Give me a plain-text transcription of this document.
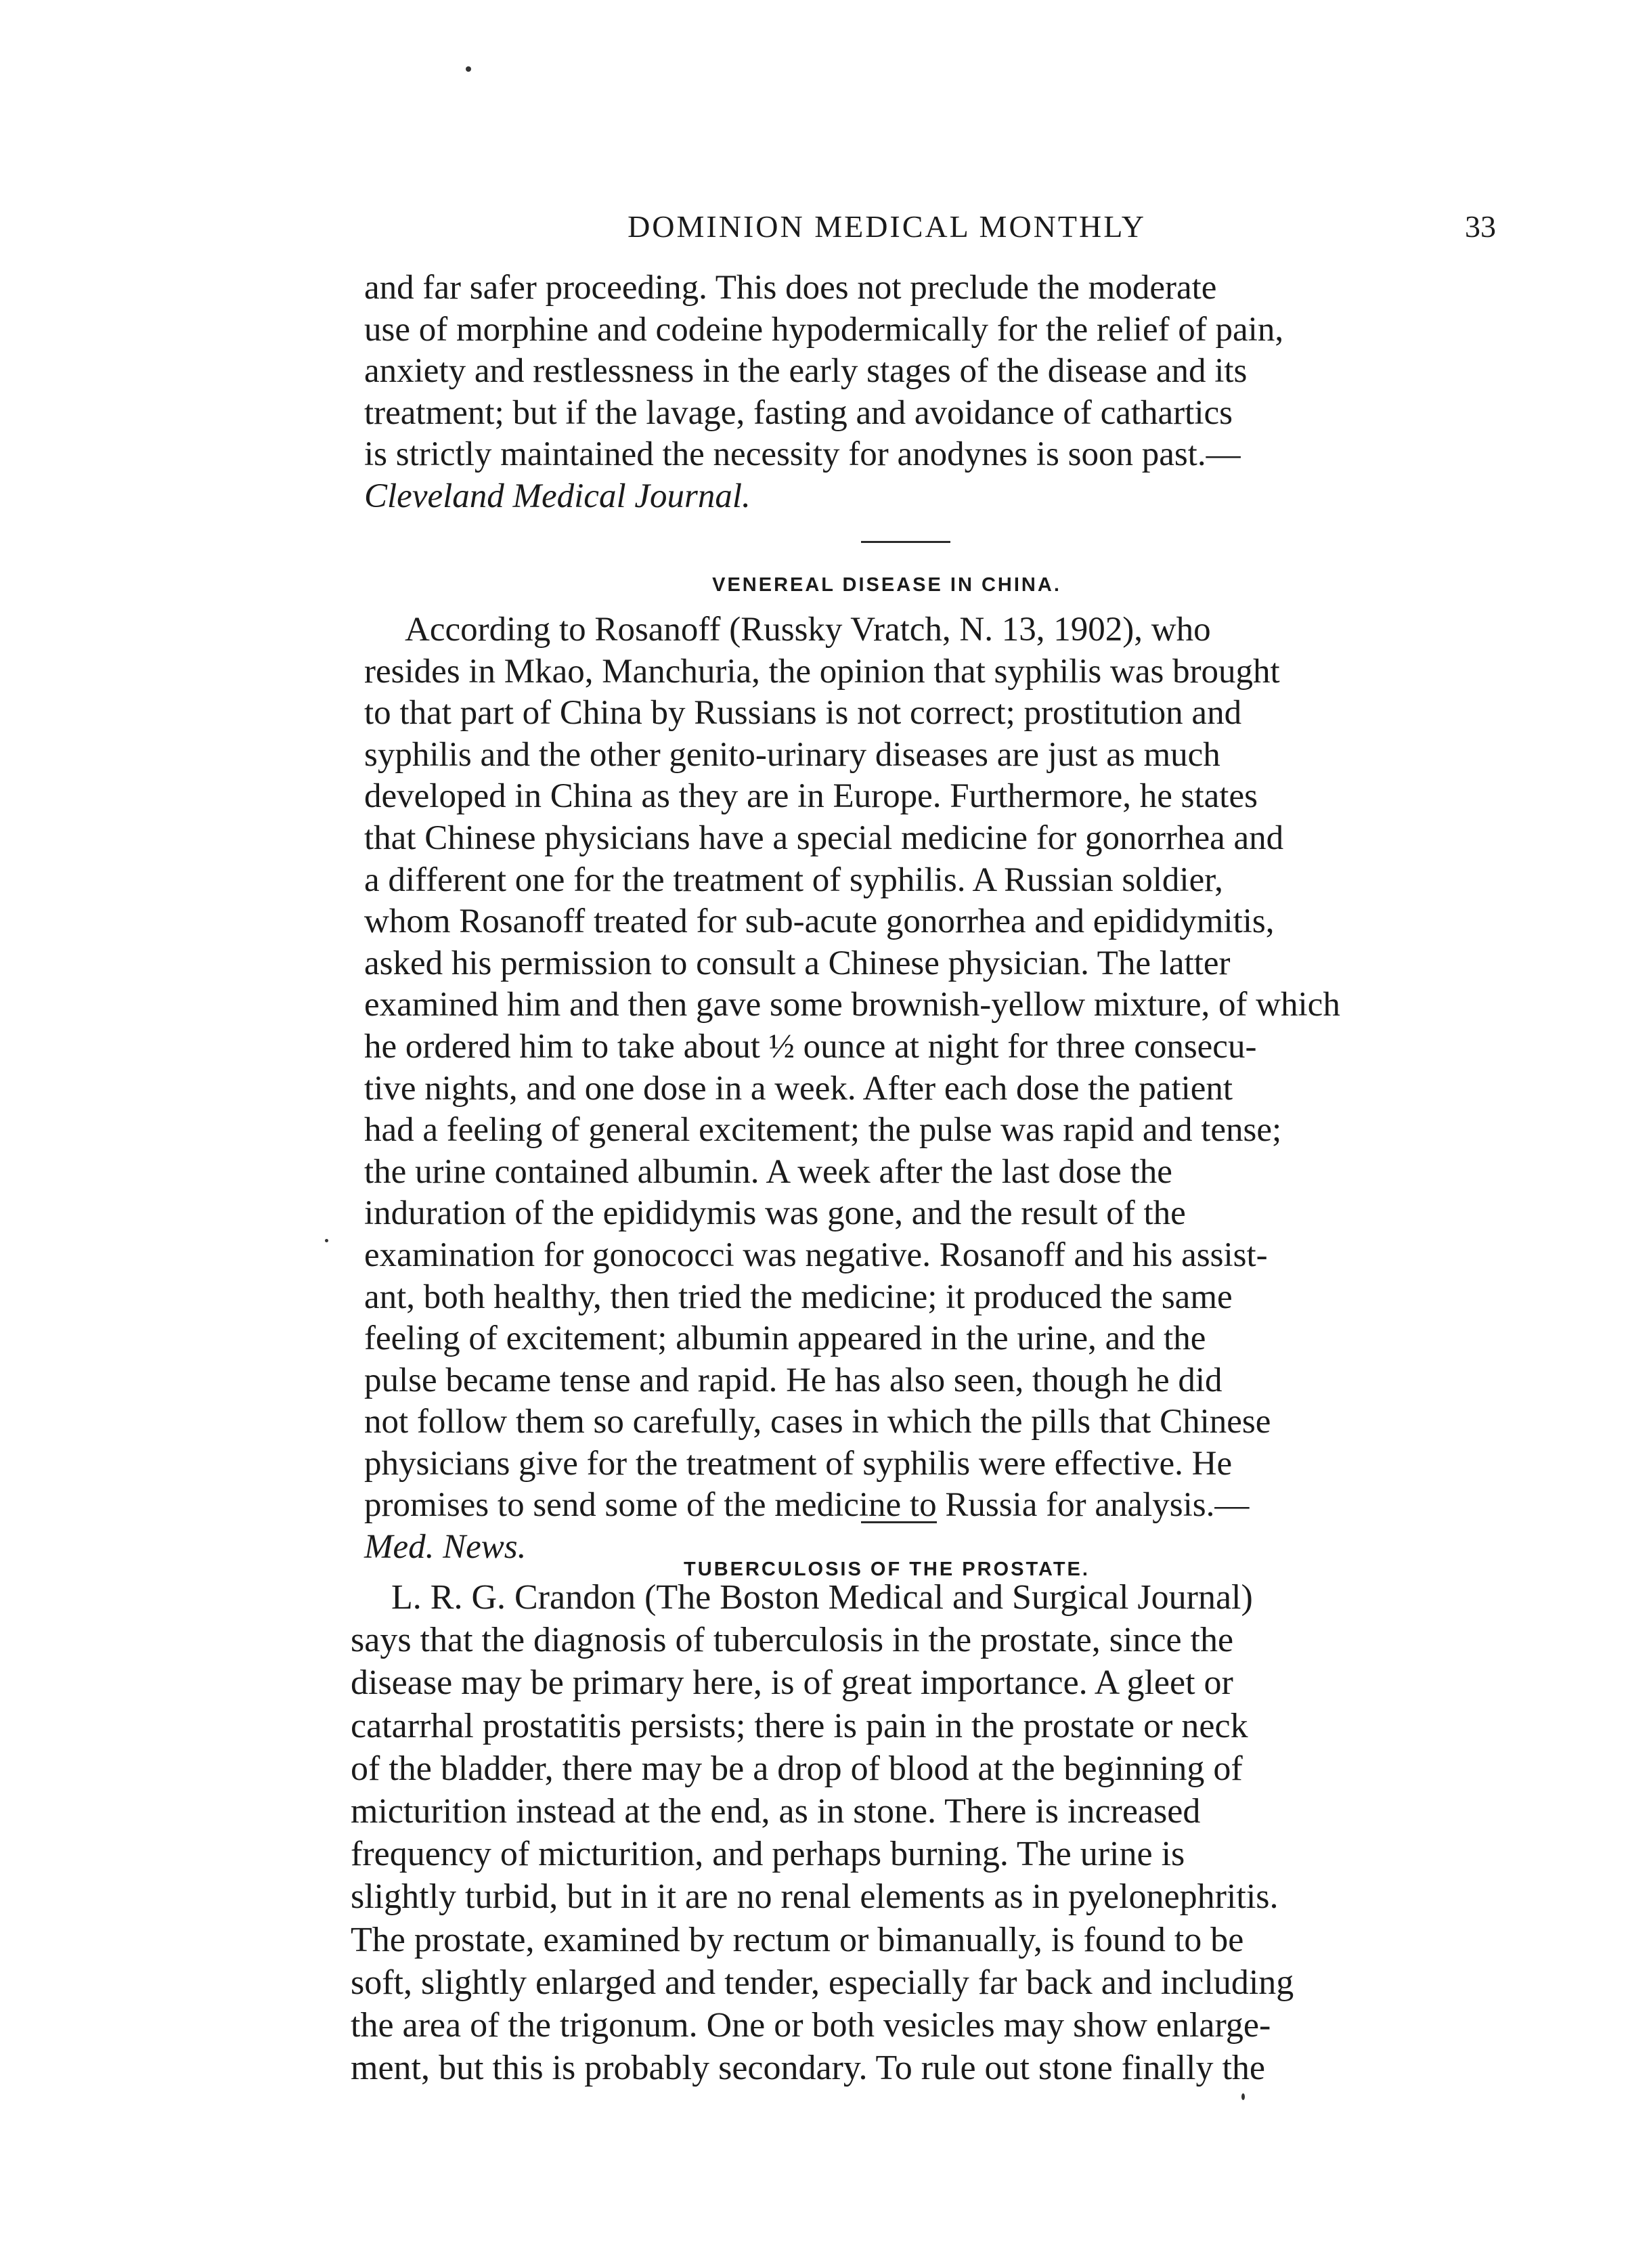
DOMINION MEDICAL MONTHLY	33
and far safer proceeding. This does not preclude the moderate
use of morphine and codeine hypodermically for the relief of pain,
anxiety and restlessness in the early stages of the disease and its
treatment; but if the lavage, fasting and avoidance of cathartics
is strictly maintained the necessity for anodynes is soon past.—
Cleveland Medical Journal.
VENEREAL DISEASE IN CHINA.
According to Rosanoff (Russky Vratch, N. 13, 1902), who
resides in Mkao, Manchuria, the opinion that syphilis was brought
to that part of China by Russians is not correct; prostitution and
syphilis and the other genito-urinary diseases are just as much
developed in China as they are in Europe. Furthermore, he states
that Chinese physicians have a special medicine for gonorrhea and
a different one for the treatment of syphilis. A Russian soldier,
whom Rosanoff treated for sub-acute gonorrhea and epididymitis,
asked his permission to consult a Chinese physician. The latter
examined him and then gave some brownish-yellow mixture, of which
he ordered him to take about ½ ounce at night for three consecu-
tive nights, and one dose in a week. After each dose the patient
had a feeling of general excitement; the pulse was rapid and tense;
the urine contained albumin. A week after the last dose the
induration of the epididymis was gone, and the result of the
examination for gonococci was negative. Rosanoff and his assist-
ant, both healthy, then tried the medicine; it produced the same
feeling of excitement; albumin appeared in the urine, and the
pulse became tense and rapid. He has also seen, though he did
not follow them so carefully, cases in which the pills that Chinese
physicians give for the treatment of syphilis were effective. He
promises to send some of the medicine to Russia for analysis.—
Med. News.
TUBERCULOSIS OF THE PROSTATE.
L. R. G. Crandon (The Boston Medical and Surgical Journal)
says that the diagnosis of tuberculosis in the prostate, since the
disease may be primary here, is of great importance. A gleet or
catarrhal prostatitis persists; there is pain in the prostate or neck
of the bladder, there may be a drop of blood at the beginning of
micturition instead at the end, as in stone. There is increased
frequency of micturition, and perhaps burning. The urine is
slightly turbid, but in it are no renal elements as in pyelonephritis.
The prostate, examined by rectum or bimanually, is found to be
soft, slightly enlarged and tender, especially far back and including
the area of the trigonum. One or both vesicles may show enlarge-
ment, but this is probably secondary. To rule out stone finally the
